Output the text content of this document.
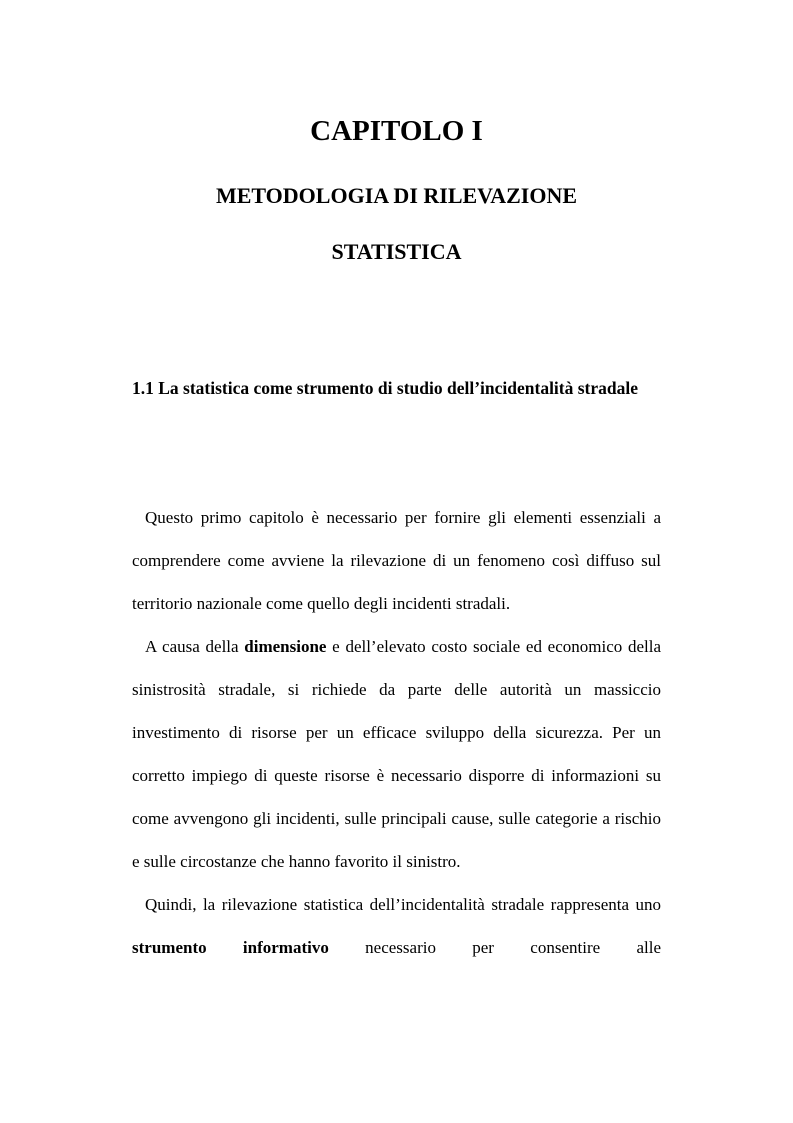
CAPITOLO I
METODOLOGIA DI RILEVAZIONE
STATISTICA
1.1 La statistica come strumento di studio dell’incidentalità stradale

Questo primo capitolo è necessario per fornire gli elementi essenziali a comprendere come avviene la rilevazione di un fenomeno così diffuso sul territorio nazionale come quello degli incidenti stradali.

A causa della dimensione e dell’elevato costo sociale ed economico della sinistrosità stradale, si richiede da parte delle autorità un massiccio investimento di risorse per un efficace sviluppo della sicurezza. Per un corretto impiego di queste risorse è necessario disporre di informazioni su come avvengono gli incidenti, sulle principali cause, sulle categorie a rischio e sulle circostanze che hanno favorito il sinistro.

Quindi, la rilevazione statistica dell’incidentalità stradale rappresenta uno strumento informativo necessario per consentire alle
